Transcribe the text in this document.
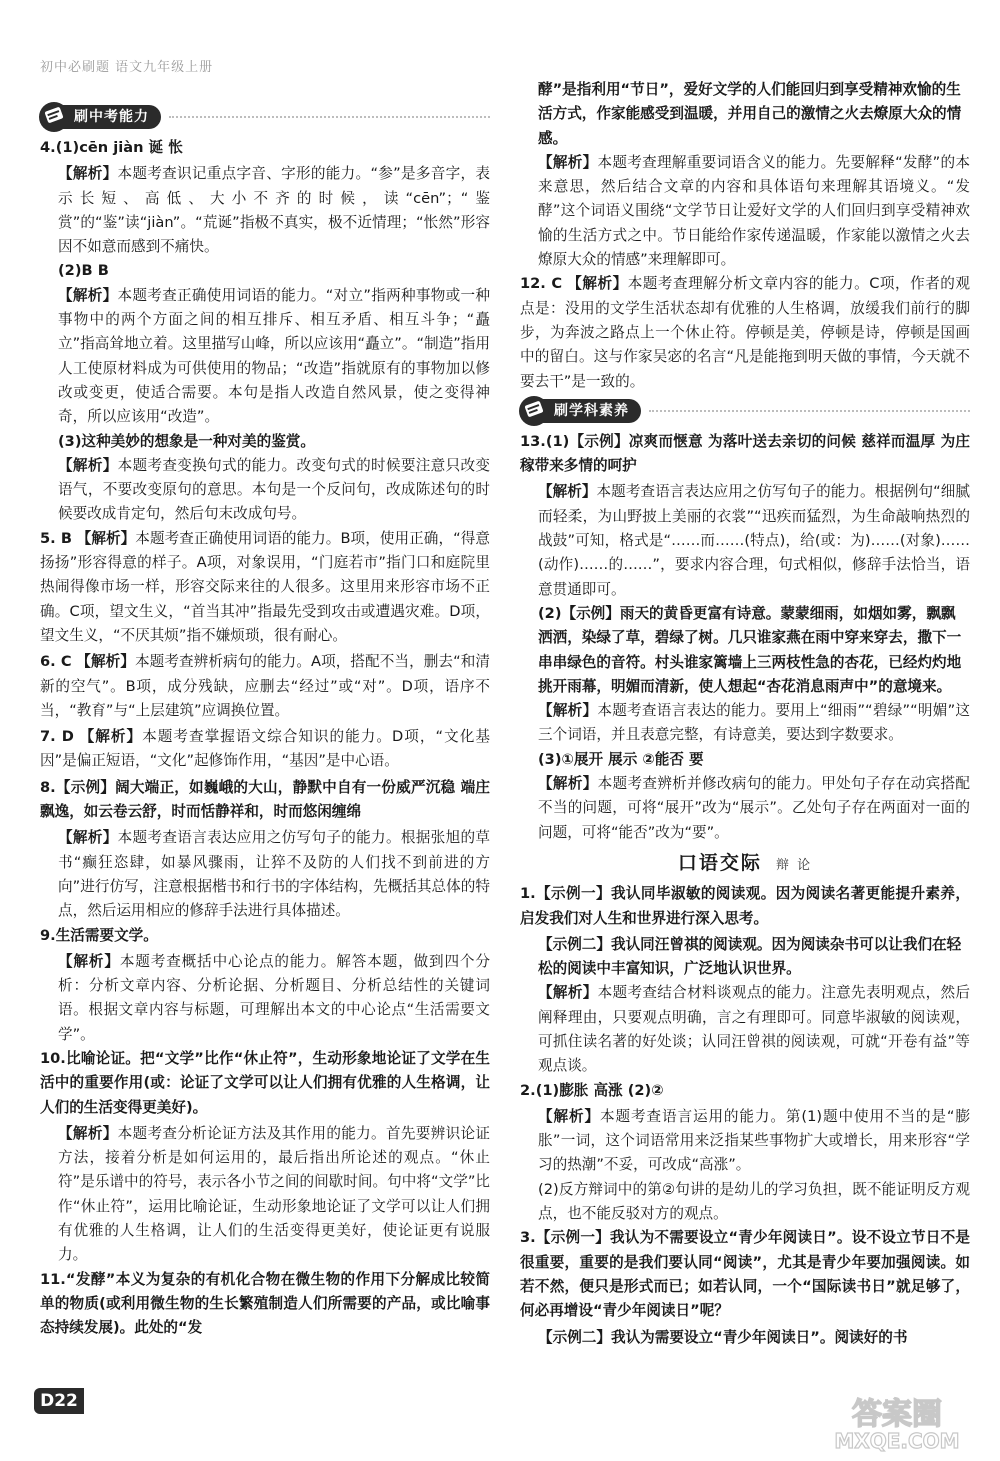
初中必刷题 语文九年级上册
刷中考能力
4.(1)cēn jiàn 诞 怅
【解析】本题考查识记重点字音、字形的能力。“参”是多音字，表示长短、高低、大小不齐的时候，读“cēn”；“鉴赏”的“鉴”读“jiàn”。“荒诞”指极不真实，极不近情理；“怅然”形容因不如意而感到不痛快。
(2)B B
【解析】本题考查正确使用词语的能力。“对立”指两种事物或一种事物中的两个方面之间的相互排斥、相互矛盾、相互斗争；“矗立”指高耸地立着。这里描写山峰，所以应该用“矗立”。“制造”指用人工使原材料成为可供使用的物品；“改造”指就原有的事物加以修改或变更，使适合需要。本句是指人改造自然风景，使之变得神奇，所以应该用“改造”。
(3)这种美妙的想象是一种对美的鉴赏。
【解析】本题考查变换句式的能力。改变句式的时候要注意只改变语气，不要改变原句的意思。本句是一个反问句，改成陈述句的时候要改成肯定句，然后句末改成句号。
5. B 【解析】本题考查正确使用词语的能力。B项，使用正确，“得意扬扬”形容得意的样子。A项，对象误用，“门庭若市”指门口和庭院里热闹得像市场一样，形容交际来往的人很多。这里用来形容市场不正确。C项，望文生义，“首当其冲”指最先受到攻击或遭遇灾难。D项，望文生义，“不厌其烦”指不嫌烦琐，很有耐心。
6. C 【解析】本题考查辨析病句的能力。A项，搭配不当，删去“和清新的空气”。B项，成分残缺，应删去“经过”或“对”。D项，语序不当，“教育”与“上层建筑”应调换位置。
7. D 【解析】本题考查掌握语文综合知识的能力。D项，“文化基因”是偏正短语，“文化”起修饰作用，“基因”是中心语。
8.【示例】阔大端正，如巍峨的大山，静默中自有一份威严沉稳 端庄飘逸，如云卷云舒，时而恬静祥和，时而悠闲缠绵
【解析】本题考查语言表达应用之仿写句子的能力。根据张旭的草书“癫狂恣肆，如暴风骤雨，让猝不及防的人们找不到前进的方向”进行仿写，注意根据楷书和行书的字体结构，先概括其总体的特点，然后运用相应的修辞手法进行具体描述。
9.生活需要文学。
【解析】本题考查概括中心论点的能力。解答本题，做到四个分析：分析文章内容、分析论据、分析题目、分析总结性的关键词语。根据文章内容与标题，可理解出本文的中心论点“生活需要文学”。
10.比喻论证。把“文学”比作“休止符”，生动形象地论证了文学在生活中的重要作用(或：论证了文学可以让人们拥有优雅的人生格调，让人们的生活变得更美好)。
【解析】本题考查分析论证方法及其作用的能力。首先要辨识论证方法，接着分析是如何运用的，最后指出所论述的观点。“休止符”是乐谱中的符号，表示各小节之间的间歇时间。句中将“文学”比作“休止符”，运用比喻论证，生动形象地论证了文学可以让人们拥有优雅的人生格调，让人们的生活变得更美好，使论证更有说服力。
11.“发酵”本义为复杂的有机化合物在微生物的作用下分解成比较简单的物质(或利用微生物的生长繁殖制造人们所需要的产品，或比喻事态持续发展)。此处的“发
酵”是指利用“节日”，爱好文学的人们能回归到享受精神欢愉的生活方式，作家能感受到温暖，并用自己的激情之火去燎原大众的情感。
【解析】本题考查理解重要词语含义的能力。先要解释“发酵”的本来意思，然后结合文章的内容和具体语句来理解其语境义。“发酵”这个词语义围绕“文学节日让爱好文学的人们回归到享受精神欢愉的生活方式之中。节日能给作家传递温暖，作家能以激情之火去燎原大众的情感”来理解即可。
12. C 【解析】本题考查理解分析文章内容的能力。C项，作者的观点是：没用的文学生活状态却有优雅的人生格调，放缓我们前行的脚步，为奔波之路点上一个休止符。停顿是美，停顿是诗，停顿是国画中的留白。这与作家吴宓的名言“凡是能拖到明天做的事情，今天就不要去干”是一致的。
刷学科素养
13.(1)【示例】凉爽而惬意 为落叶送去亲切的问候 慈祥而温厚 为庄稼带来多情的呵护
【解析】本题考查语言表达应用之仿写句子的能力。根据例句“细腻而轻柔，为山野披上美丽的衣裳”“迅疾而猛烈，为生命敲响热烈的战鼓”可知，格式是“……而……(特点)，给(或：为)……(对象)……(动作)……的……”，要求内容合理，句式相似，修辞手法恰当，语意贯通即可。
(2)【示例】雨天的黄昏更富有诗意。蒙蒙细雨，如烟如雾，飘飘洒洒，染绿了草，碧绿了树。几只谁家燕在雨中穿来穿去，撒下一串串绿色的音符。村头谁家篱墙上三两枝性急的杏花，已经灼灼地挑开雨幕，明媚而清新，使人想起“杏花消息雨声中”的意境来。
【解析】本题考查语言表达的能力。要用上“细雨”“碧绿”“明媚”这三个词语，并且表意完整，有诗意美，要达到字数要求。
(3)①展开 展示 ②能否 要
【解析】本题考查辨析并修改病句的能力。甲处句子存在动宾搭配不当的问题，可将“展开”改为“展示”。乙处句子存在两面对一面的问题，可将“能否”改为“要”。
口语交际 辩 论
1.【示例一】我认同毕淑敏的阅读观。因为阅读名著更能提升素养，启发我们对人生和世界进行深入思考。
【示例二】我认同汪曾祺的阅读观。因为阅读杂书可以让我们在轻松的阅读中丰富知识，广泛地认识世界。
【解析】本题考查结合材料谈观点的能力。注意先表明观点，然后阐释理由，只要观点明确，言之有理即可。同意毕淑敏的阅读观，可抓住读名著的好处谈；认同汪曾祺的阅读观，可就“开卷有益”等观点谈。
2.(1)膨胀 高涨 (2)②
【解析】本题考查语言运用的能力。第(1)题中使用不当的是“膨胀”一词，这个词语常用来泛指某些事物扩大或增长，用来形容“学习的热潮”不妥，可改成“高涨”。
(2)反方辩词中的第②句讲的是幼儿的学习负担，既不能证明反方观点，也不能反驳对方的观点。
3.【示例一】我认为不需要设立“青少年阅读日”。设不设立节日不是很重要，重要的是我们要认同“阅读”，尤其是青少年要加强阅读。如若不然，便只是形式而已；如若认同，一个“国际读书日”就足够了，何必再增设“青少年阅读日”呢？
【示例二】我认为需要设立“青少年阅读日”。阅读好的书
D22	答案圈
MXQE.COM
